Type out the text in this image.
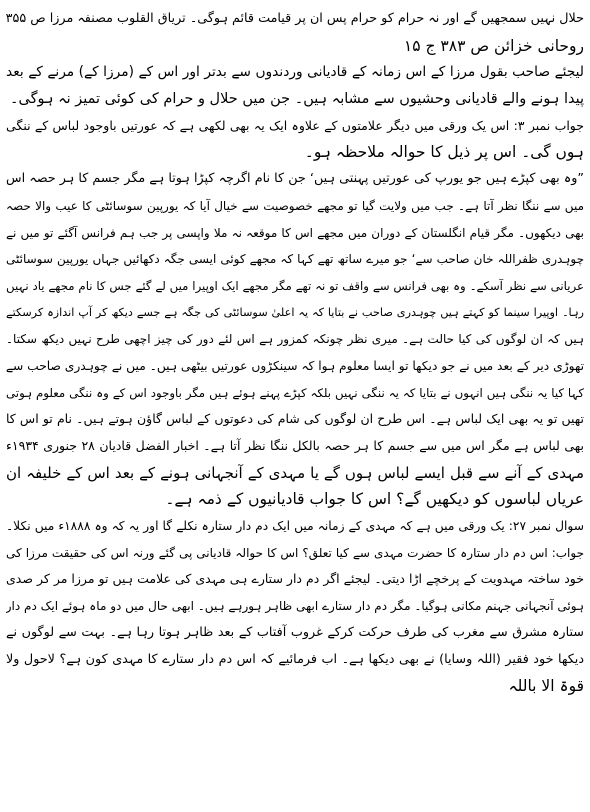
حلال نہیں سمجھیں گے اور نہ حرام کو حرام پس ان پر قیامت قائم ہوگی۔ تریاق القلوب مصنفہ مرزا ص ۳۵۵
روحانی خزائن ص ۳۸۳ ج ۱۵
لیجئے صاحب بقول مرزا کے اس زمانہ کے قادیانی وردندوں سے بدتر اور اس کے (مرزا کے) مرنے کے بعد
پیدا ہونے والے قادیانی وحشیوں سے مشابہ ہیں۔ جن میں حلال و حرام کی کوئی تمیز نہ ہوگی۔
جواب نمبر ۳: اس یک ورقی میں دیگر علامتوں کے علاوہ ایک یہ بھی لکھی ہے کہ عورتیں باوجود لباس کے ننگی
ہوں گی۔ اس پر ذیل کا حوالہ ملاحظہ ہو۔
”وہ بھی کپڑے ہیں جو یورپ کی عورتیں پہنتی ہیں‘ جن کا نام اگرچہ کپڑا ہوتا ہے مگر جسم کا ہر حصہ اس
میں سے ننگا نظر آتا ہے۔ جب میں ولایت گیا تو مجھے خصوصیت سے خیال آیا کہ یورپین سوسائٹی کا عیب والا حصہ
بھی دیکھوں۔ مگر قیام انگلستان کے دوران میں مجھے اس کا موقعہ نہ ملا واپسی پر جب ہم فرانس آگئے تو میں نے
چوہدری ظفراللہ خان صاحب سے‘ جو میرے ساتھ تھے کہا کہ مجھے کوئی ایسی جگہ دکھائیں جہاں یورپین سوسائٹی
عریانی سے نظر آسکے۔ وہ بھی فرانس سے واقف تو نہ تھے مگر مجھے ایک اوپیرا میں لے گئے جس کا نام مجھے یاد نہیں
رہا۔ اوپیرا سینما کو کہتے ہیں چوہدری صاحب نے بتایا کہ یہ اعلیٰ سوسائٹی کی جگہ ہے جسے دیکھ کر آپ اندازہ کرسکتے
ہیں کہ ان لوگوں کی کیا حالت ہے۔ میری نظر چونکہ کمزور ہے اس لئے دور کی چیز اچھی طرح نہیں دیکھ سکتا۔
تھوڑی دیر کے بعد میں نے جو دیکھا تو ایسا معلوم ہوا کہ سینکڑوں عورتیں بیٹھی ہیں۔ میں نے چوہدری صاحب سے
کہا کیا یہ ننگی ہیں انہوں نے بتایا کہ یہ ننگی نہیں بلکہ کپڑے پہنے ہوئے ہیں مگر باوجود اس کے وہ ننگی معلوم ہوتی
تھیں تو یہ بھی ایک لباس ہے۔ اس طرح ان لوگوں کی شام کی دعوتوں کے لباس گاؤن ہوتے ہیں۔ نام تو اس کا
بھی لباس ہے مگر اس میں سے جسم کا ہر حصہ بالکل ننگا نظر آتا ہے۔ اخبار الفضل قادیان ۲۸ جنوری ۱۹۳۴ء
مہدی کے آنے سے قبل ایسے لباس ہوں گے یا مہدی کے آنجہانی ہونے کے بعد اس کے خلیفہ ان
عریاں لباسوں کو دیکھیں گے؟ اس کا جواب قادیانیوں کے ذمہ ہے۔
سوال نمبر ۲۷: یک ورقی میں ہے کہ مہدی کے زمانہ میں ایک دم دار ستارہ نکلے گا اور یہ کہ وہ ۱۸۸۸ء میں نکلا۔
جواب: اس دم دار ستارہ کا حضرت مہدی سے کیا تعلق؟ اس کا حوالہ قادیانی پی گئے ورنہ اس کی حقیقت مرزا کی
خود ساختہ مہدویت کے پرخچے اڑا دیتی۔ لیجئے اگر دم دار ستارے ہی مہدی کی علامت ہیں تو مرزا مر کر صدی
ہوئی آنجہانی جہنم مکانی ہوگیا۔ مگر دم دار ستارے ابھی ظاہر ہورہے ہیں۔ ابھی حال میں دو ماہ ہوئے ایک دم دار
ستارہ مشرق سے مغرب کی طرف حرکت کرکے غروب آفتاب کے بعد ظاہر ہوتا رہا ہے۔ بہت سے لوگوں نے
دیکھا خود فقیر (اللہ وسایا) نے بھی دیکھا ہے۔ اب فرمائیے کہ اس دم دار ستارے کا مہدی کون ہے؟ لاحول ولا
قوۃ الا باللہ
